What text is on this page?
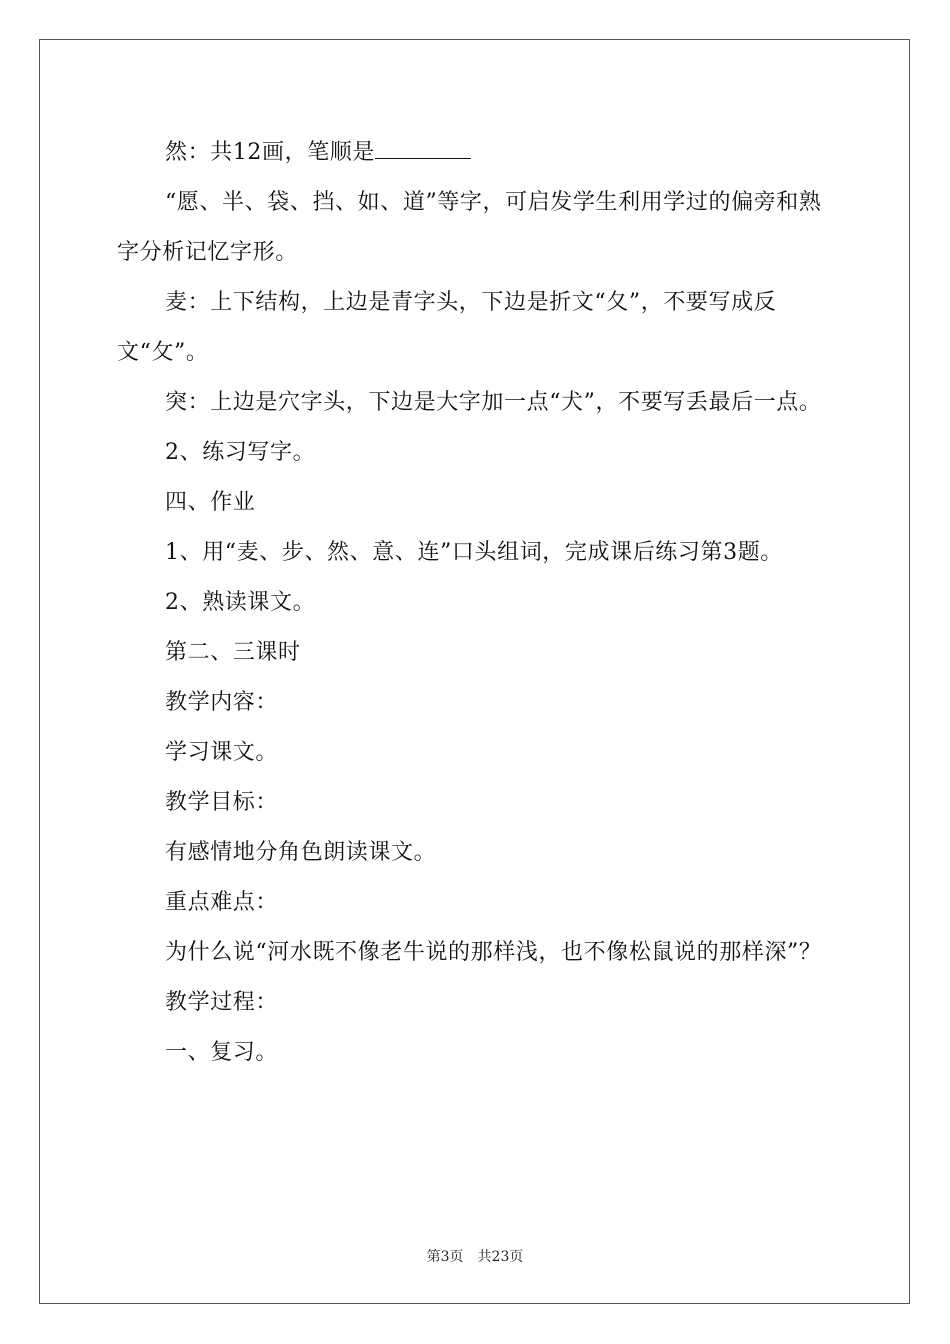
然：共12画，笔顺是

“愿、半、袋、挡、如、道”等字，可启发学生利用学过的偏旁和熟字分析记忆字形。

麦：上下结构，上边是青字头，下边是折文“夂”，不要写成反文“攵”。

突：上边是穴字头，下边是大字加一点“犬”，不要写丢最后一点。

2、练习写字。

四、作业

1、用“麦、步、然、意、连”口头组词，完成课后练习第3题。

2、熟读课文。

第二、三课时

教学内容：

学习课文。

教学目标：

有感情地分角色朗读课文。

重点难点：

为什么说“河水既不像老牛说的那样浅，也不像松鼠说的那样深”？

教学过程：

一、复习。

第3页 共23页
